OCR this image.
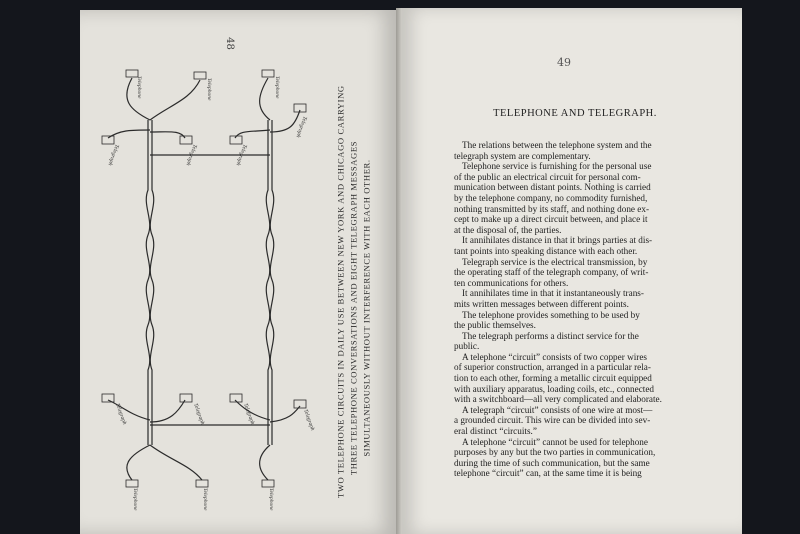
48
Telephone	Telephone	Telephone
Telegraph	Telegraph	Telegraph
Telegraph
Telegraph	Telegraph	Telegraph	Telegraph
Telephone	Telephone	Telephone
TWO TELEPHONE CIRCUITS IN DAILY USE BETWEEN NEW YORK AND CHICAGO CARRYING THREE TELEPHONE CONVERSATIONS AND EIGHT TELEGRAPH MESSAGES SIMULTANEOUSLY WITHOUT INTERFERENCE WITH EACH OTHER.
49
TELEPHONE AND TELEGRAPH.
The relations between the telephone system and the
telegraph system are complementary.
Telephone service is furnishing for the personal use
of the public an electrical circuit for personal com-
munication between distant points. Nothing is carried
by the telephone company, no commodity furnished,
nothing transmitted by its staff, and nothing done ex-
cept to make up a direct circuit between, and place it
at the disposal of, the parties.
It annihilates distance in that it brings parties at dis-
tant points into speaking distance with each other.
Telegraph service is the electrical transmission, by
the operating staff of the telegraph company, of writ-
ten communications for others.
It annihilates time in that it instantaneously trans-
mits written messages between different points.
The telephone provides something to be used by
the public themselves.
The telegraph performs a distinct service for the
public.
A telephone “circuit” consists of two copper wires
of superior construction, arranged in a particular rela-
tion to each other, forming a metallic circuit equipped
with auxiliary apparatus, loading coils, etc., connected
with a switchboard—all very complicated and elaborate.
A telegraph “circuit” consists of one wire at most—
a grounded circuit. This wire can be divided into sev-
eral distinct “circuits.”
A telephone “circuit” cannot be used for telephone
purposes by any but the two parties in communication,
during the time of such communication, but the same
telephone “circuit” can, at the same time it is being
